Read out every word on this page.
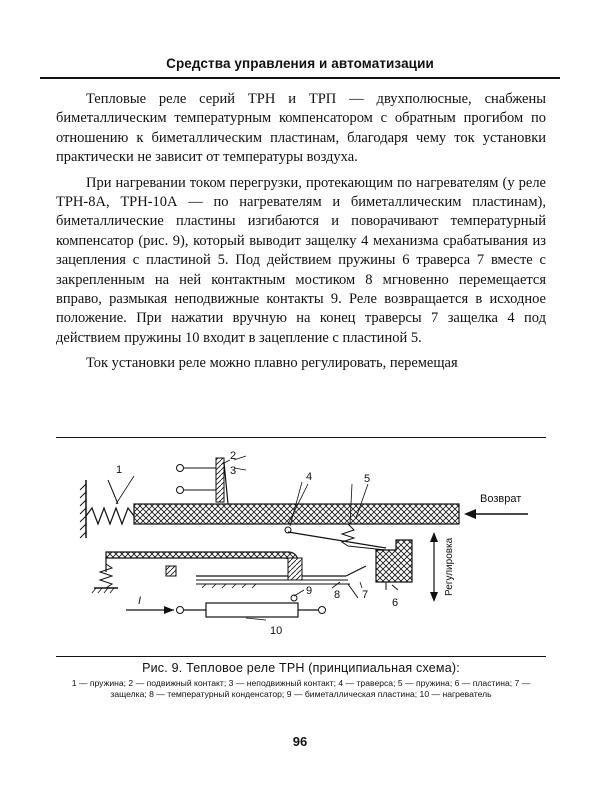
Средства управления и автоматизации

Тепловые реле серий ТРН и ТРП — двухполюсные, снабжены биметаллическим температурным компенсатором с обратным прогибом по отношению к биметаллическим пластинам, благодаря чему ток установки практически не зависит от температуры воздуха.

При нагревании током перегрузки, протекающим по нагревателям (у реле ТРН-8А, ТРН-10А — по нагревателям и биметаллическим пластинам), биметаллические пластины изгибаются и поворачивают температурный компенсатор (рис. 9), который выводит защелку 4 механизма срабатывания из зацепления с пластиной 5. Под действием пружины 6 траверса 7 вместе с закрепленным на ней контактным мостиком 8 мгновенно перемещается вправо, размыкая неподвижные контакты 9. Реле возвращается в исходное положение. При нажатии вручную на конец траверсы 7 защелка 4 под действием пружины 10 входит в зацепление с пластиной 5.

Ток установки реле можно плавно регулировать, перемещая

1
2
3	4	5
6
7
8
9
10
I
Возврат
Регулировка
Рис. 9. Тепловое реле ТРН (принципиальная схема):
1 — пружина; 2 — подвижный контакт; 3 — неподвижный контакт; 4 — траверса; 5 — пружина; 6 — пластина; 7 — защелка; 8 — температурный конденсатор; 9 — биметаллическая пластина; 10 — нагреватель
96
